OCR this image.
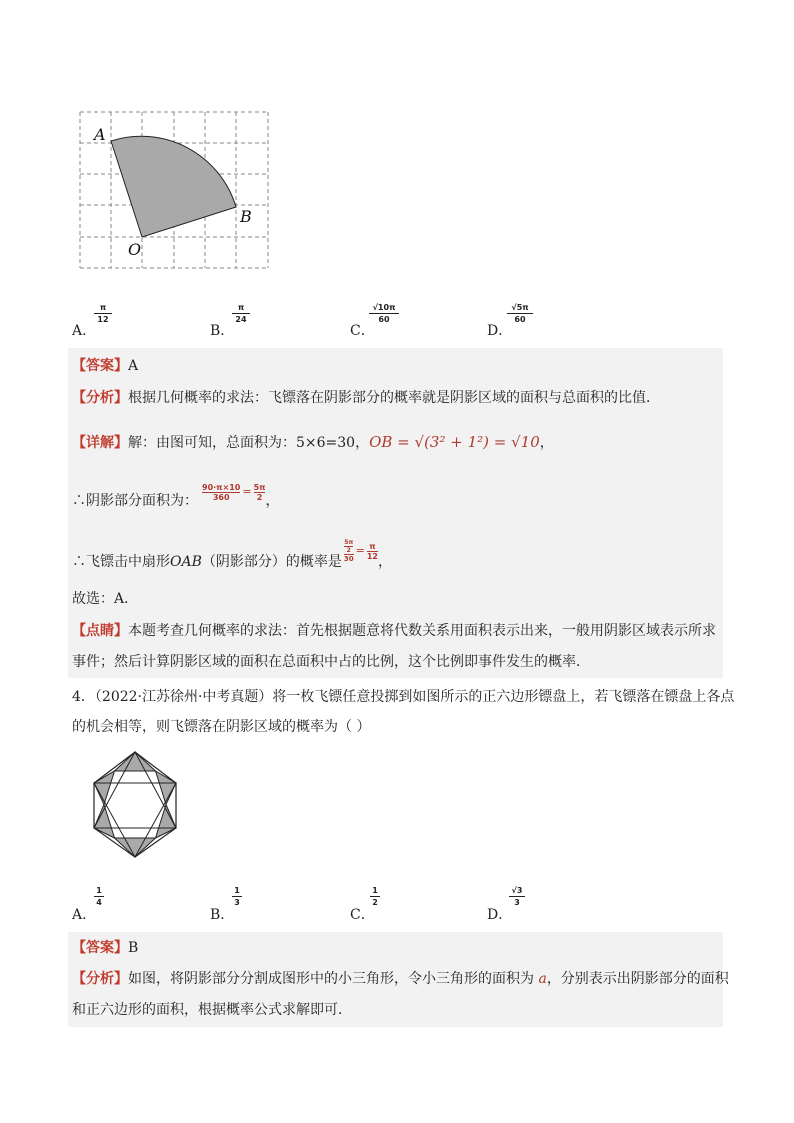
A
B
O
A．
π
12
B．
π
24
C．
√10π
60
D．
√5π
60
【答案】A
【分析】根据几何概率的求法：飞镖落在阴影部分的概率就是阴影区域的面积与总面积的比值．
【详解】解：由图可知，总面积为：5×6=30，OB = √(3² + 1²) = √10，
∴阴影部分面积为： $\frac{90\cdot\pi\times 10}{360} = \frac{5\pi}{2}$ ，
∴飞镖击中扇形 OAB （阴影部分）的概率是 $\frac{\frac{5\pi}{2}}{30} = \frac{\pi}{12}$
，
故选：A．
【点睛】本题考查几何概率的求法：首先根据题意将代数关系用面积表示出来，一般用阴影区域表示所求
事件；然后计算阴影区域的面积在总面积中占的比例，这个比例即事件发生的概率．
4．（2022·江苏徐州·中考真题）将一枚飞镖任意投掷到如图所示的正六边形镖盘上，若飞镖落在镖盘上各点
的机会相等，则飞镖落在阴影区域的概率为（ ）
A．
1
4
B．
1
3
C．
1
2
D．
√3
3
【答案】B
【分析】如图，将阴影部分分割成图形中的小三角形，令小三角形的面积为 a，分别表示出阴影部分的面积
和正六边形的面积，根据概率公式求解即可．
